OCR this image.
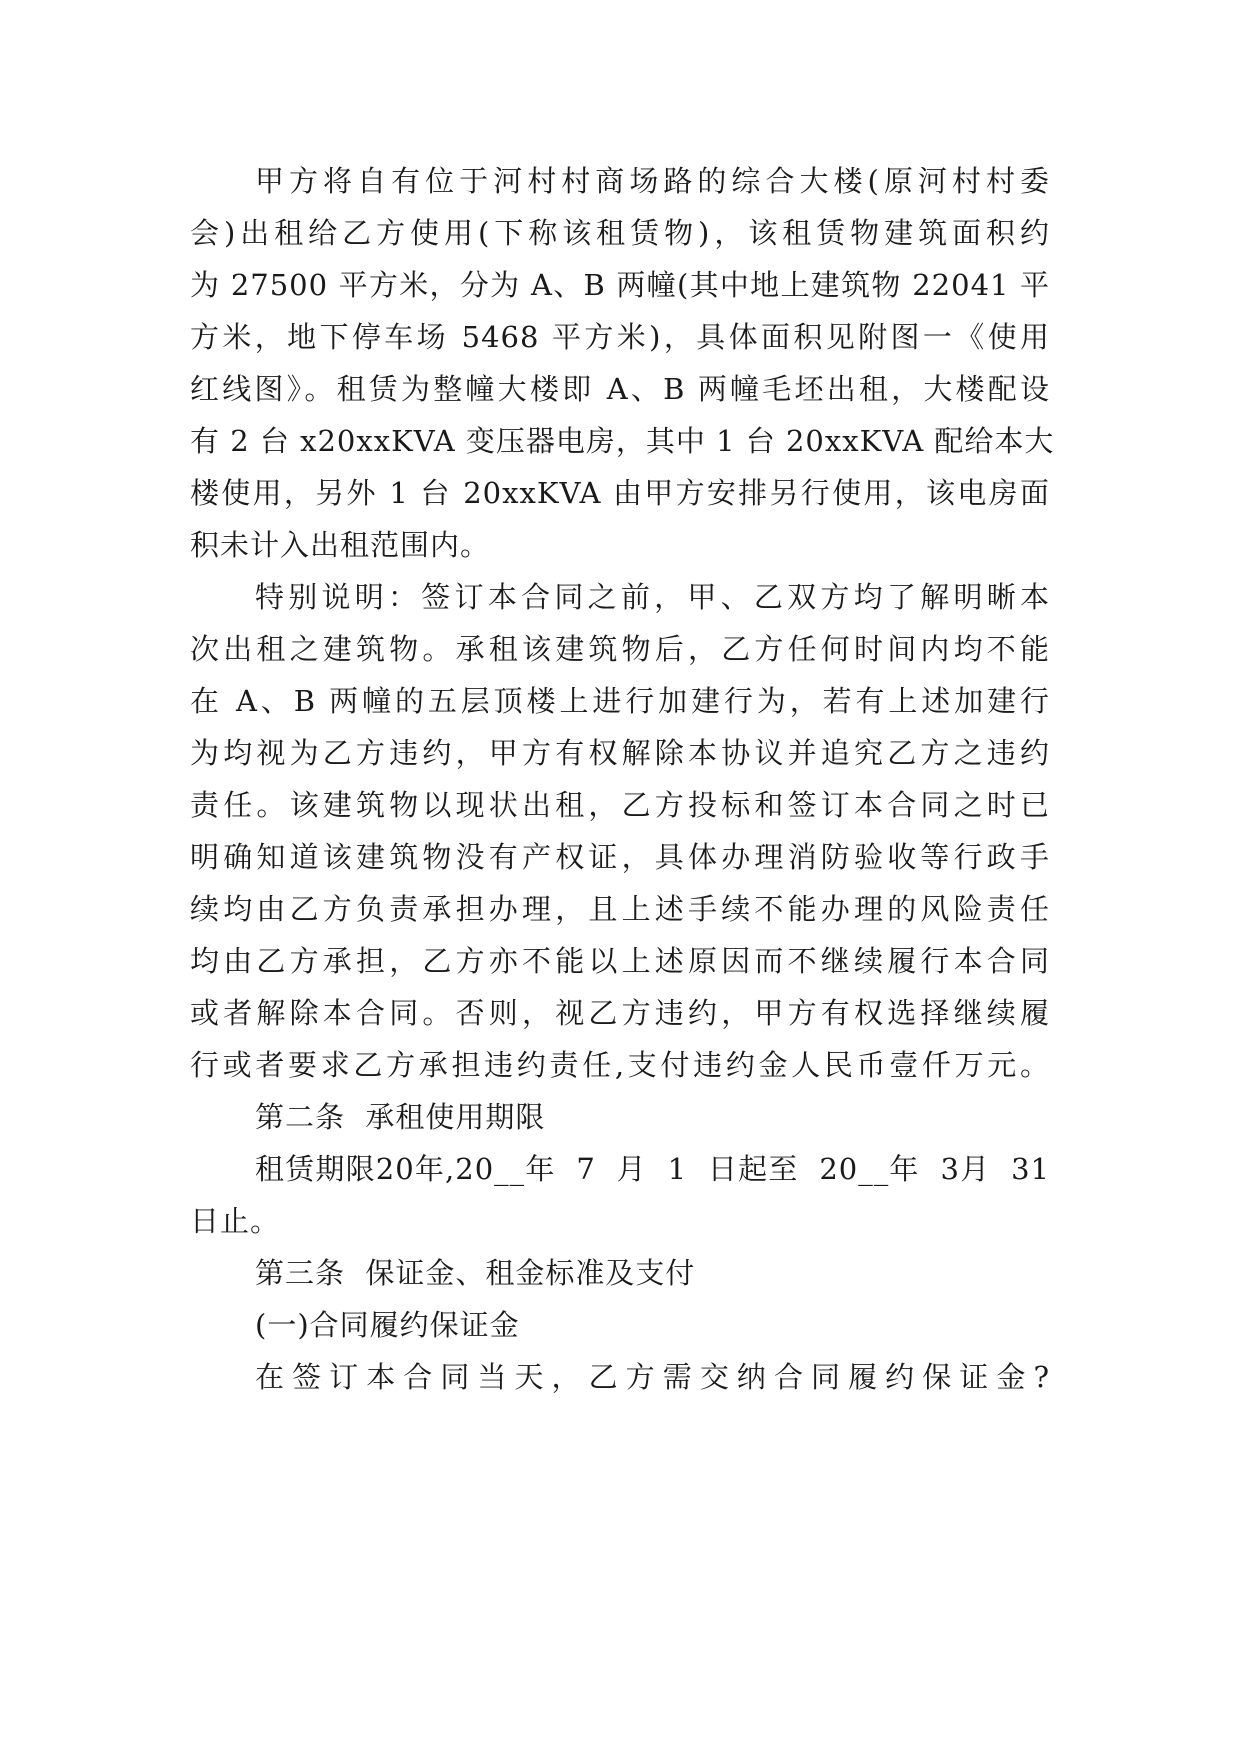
甲方将自有位于河村村商场路的综合大楼(原河村村委
会)出租给乙方使用(下称该租赁物)，该租赁物建筑面积约
为 27500 平方米，分为 A、B 两幢(其中地上建筑物 22041 平
方米，地下停车场 5468 平方米)，具体面积见附图一《使用
红线图》。租赁为整幢大楼即 A、B 两幢毛坯出租，大楼配设
有 2 台 x20xxKVA 变压器电房，其中 1 台 20xxKVA 配给本大
楼使用，另外 1 台 20xxKVA 由甲方安排另行使用，该电房面
积未计入出租范围内。
特别说明：签订本合同之前，甲、乙双方均了解明晰本
次出租之建筑物。承租该建筑物后，乙方任何时间内均不能
在 A、B 两幢的五层顶楼上进行加建行为，若有上述加建行
为均视为乙方违约，甲方有权解除本协议并追究乙方之违约
责任。该建筑物以现状出租，乙方投标和签订本合同之时已
明确知道该建筑物没有产权证，具体办理消防验收等行政手
续均由乙方负责承担办理，且上述手续不能办理的风险责任
均由乙方承担，乙方亦不能以上述原因而不继续履行本合同
或者解除本合同。否则，视乙方违约，甲方有权选择继续履
行或者要求乙方承担违约责任,支付违约金人民币壹仟万元。
第二条  承租使用期限
租赁期限20年,20__年  7  月  1  日起至  20__年  3月  31
日止。
第三条  保证金、租金标准及支付
(一)合同履约保证金
在签订本合同当天，乙方需交纳合同履约保证金?
